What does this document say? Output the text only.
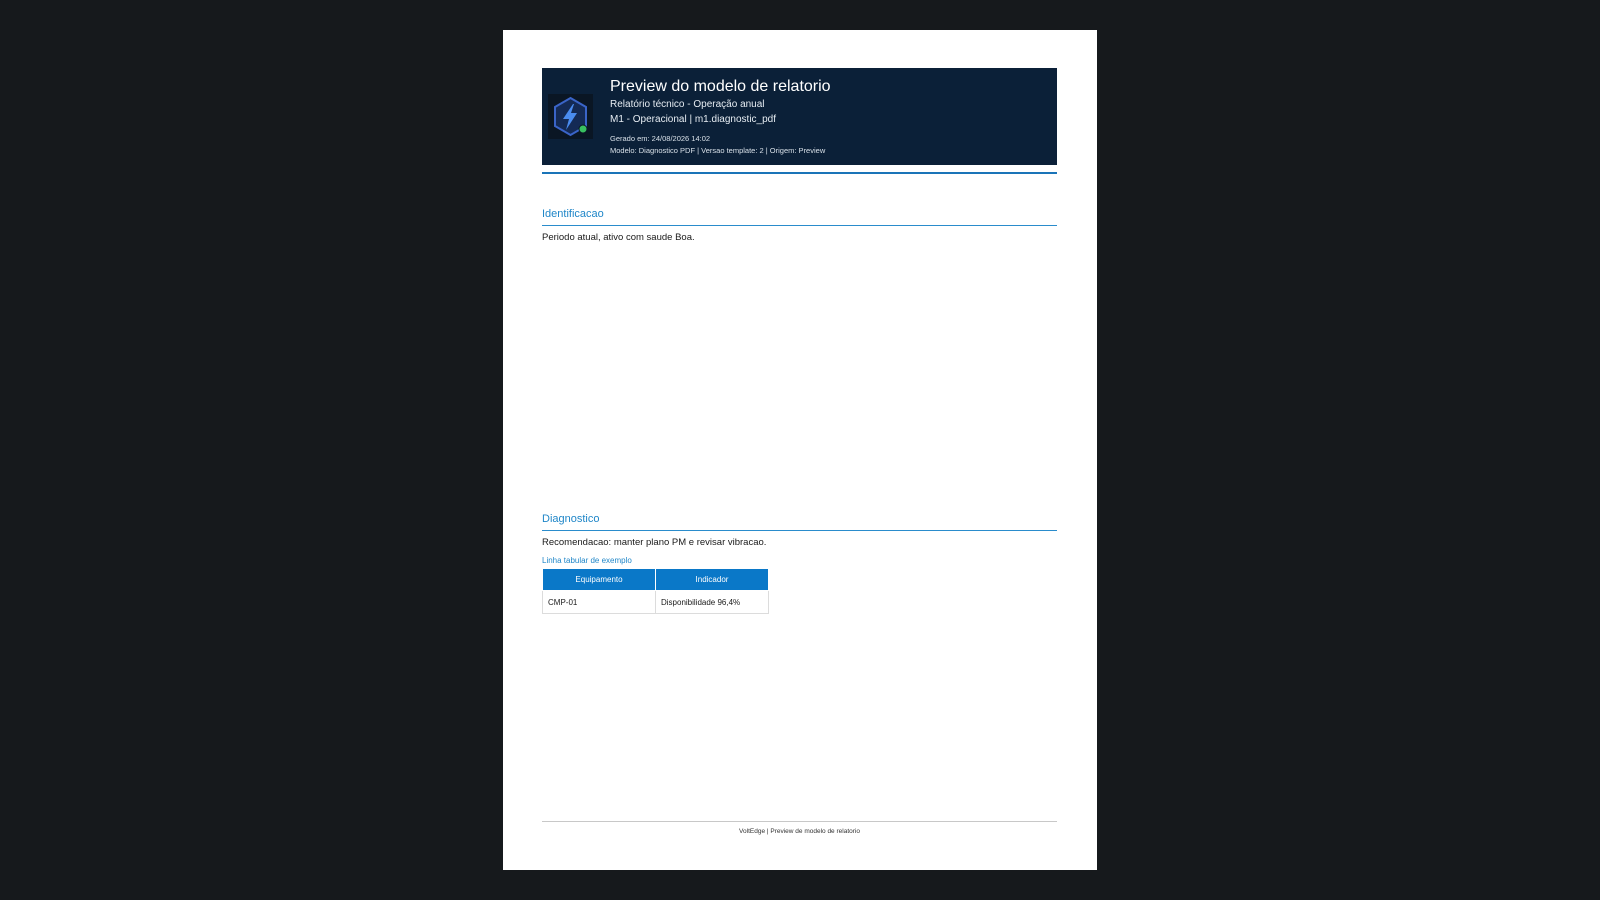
Preview do modelo de relatorio
Relatório técnico - Operação anual
M1 - Operacional | m1.diagnostic_pdf
Gerado em: 24/08/2026 14:02
Modelo: Diagnostico PDF | Versao template: 2 | Origem: Preview
Identificacao
Periodo atual, ativo com saude Boa.
Diagnostico
Recomendacao: manter plano PM e revisar vibracao.
Linha tabular de exemplo
Equipamento	Indicador
CMP-01	Disponibilidade 96,4%
VoltEdge | Preview de modelo de relatorio
